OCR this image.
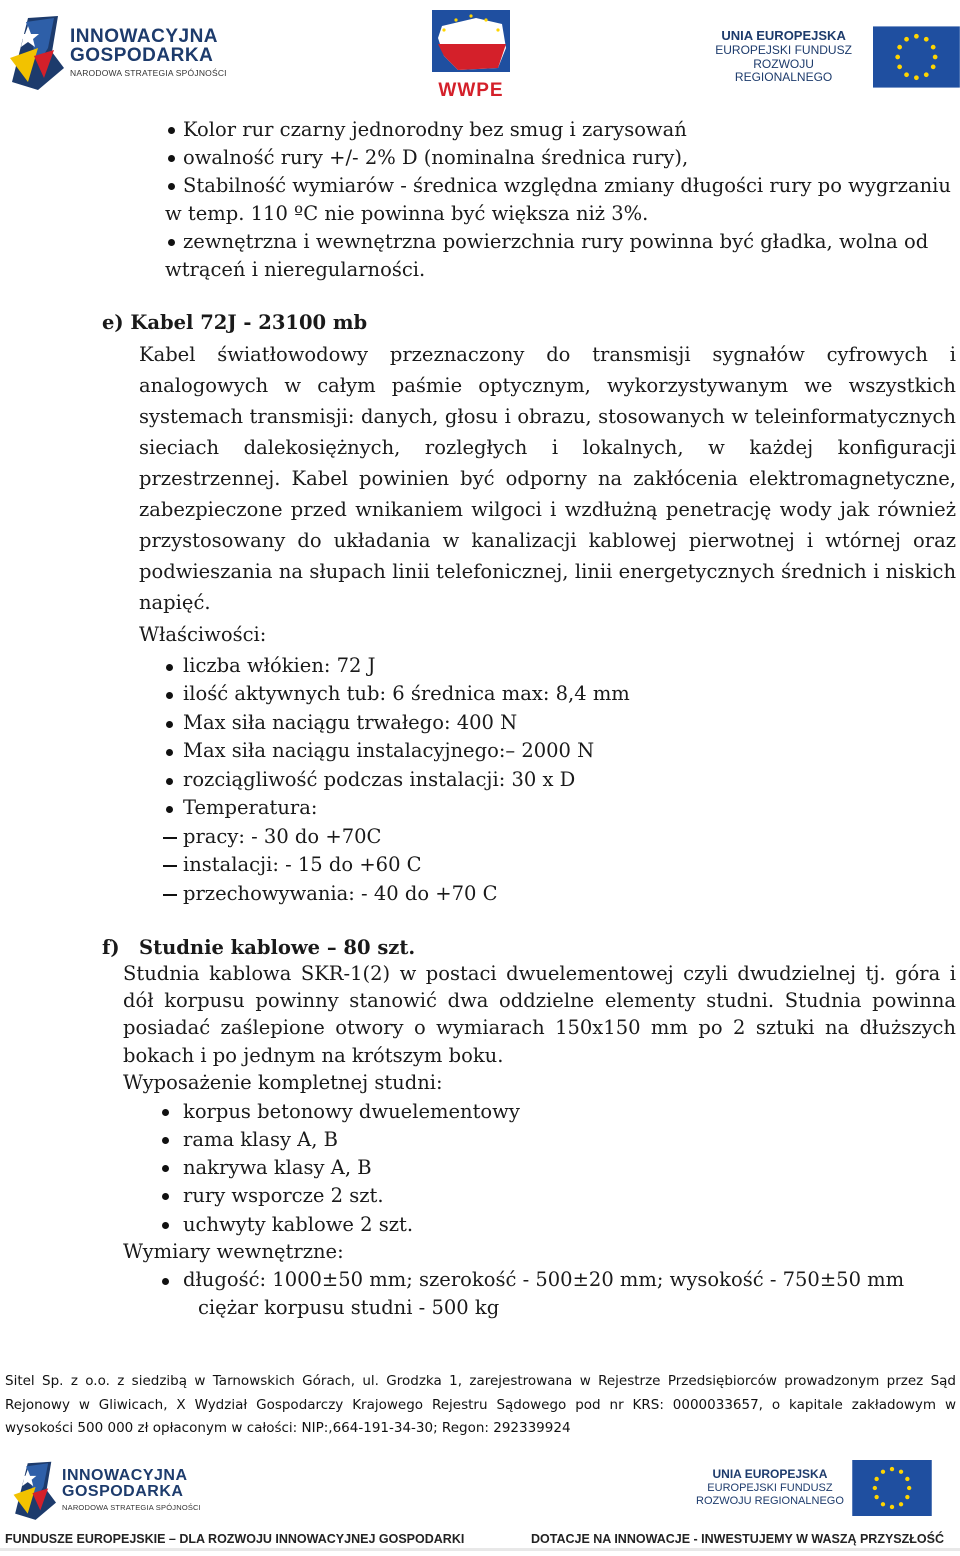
INNOWACYJNA
GOSPODARKA
NARODOWA STRATEGIA SPÓJNOŚCI
WWPE
UNIA EUROPEJSKA
EUROPEJSKI FUNDUSZ
ROZWOJU REGIONALNEGO
Kolor rur czarny jednorodny bez smug i zarysowań
owalność rury +/- 2% D (nominalna średnica rury),
Stabilność wymiarów - średnica względna zmiany długości rury po wygrzaniu
w temp. 110 ºC nie powinna być większa niż 3%.
zewnętrzna i wewnętrzna powierzchnia rury powinna być gładka, wolna od
wtrąceń i nieregularności.
e) Kabel 72J - 23100 mb
Kabel światłowodowy przeznaczony do transmisji sygnałów cyfrowych i
analogowych w całym paśmie optycznym, wykorzystywanym we wszystkich
systemach transmisji: danych, głosu i obrazu, stosowanych w teleinformatycznych
sieciach dalekosiężnych, rozległych i lokalnych, w każdej konfiguracji
przestrzennej. Kabel powinien być odporny na zakłócenia elektromagnetyczne,
zabezpieczone przed wnikaniem wilgoci i wzdłużną penetrację wody jak również
przystosowany do układania w kanalizacji kablowej pierwotnej i wtórnej oraz
podwieszania na słupach linii telefonicznej, linii energetycznych średnich i niskich
napięć.
Właściwości:
liczba włókien: 72 J
ilość aktywnych tub: 6 średnica max: 8,4 mm
Max siła naciągu trwałego: 400 N
Max siła naciągu instalacyjnego:– 2000 N
rozciągliwość podczas instalacji: 30 x D
Temperatura:
pracy: - 30 do +70C
instalacji: - 15 do +60 C
przechowywania: - 40 do +70 C
f) Studnie kablowe – 80 szt.
Studnia kablowa SKR-1(2) w postaci dwuelementowej czyli dwudzielnej tj. góra i
dół korpusu powinny stanowić dwa oddzielne elementy studni. Studnia powinna
posiadać zaślepione otwory o wymiarach 150x150 mm po 2 sztuki na dłuższych
bokach i po jednym na krótszym boku.
Wyposażenie kompletnej studni:
korpus betonowy dwuelementowy
rama klasy A, B
nakrywa klasy A, B
rury wsporcze 2 szt.
uchwyty kablowe 2 szt.
Wymiary wewnętrzne:
długość: 1000±50 mm; szerokość - 500±20 mm; wysokość - 750±50 mm
ciężar korpusu studni - 500 kg
Sitel Sp. z o.o. z siedzibą w Tarnowskich Górach, ul. Grodzka 1, zarejestrowana w Rejestrze Przedsiębiorców prowadzonym przez Sąd
Rejonowy w Gliwicach, X Wydział Gospodarczy Krajowego Rejestru Sądowego pod nr KRS: 0000033657, o kapitale zakładowym w
wysokości 500 000 zł opłaconym w całości: NIP:,664-191-34-30; Regon: 292339924
INNOWACYJNA
GOSPODARKA
NARODOWA STRATEGIA SPÓJNOŚCI
UNIA EUROPEJSKA
EUROPEJSKI FUNDUSZ
ROZWOJU REGIONALNEGO
FUNDUSZE EUROPEJSKIE – DLA ROZWOJU INNOWACYJNEJ GOSPODARKI	DOTACJE NA INNOWACJE - INWESTUJEMY W WASZĄ PRZYSZŁOŚĆ
